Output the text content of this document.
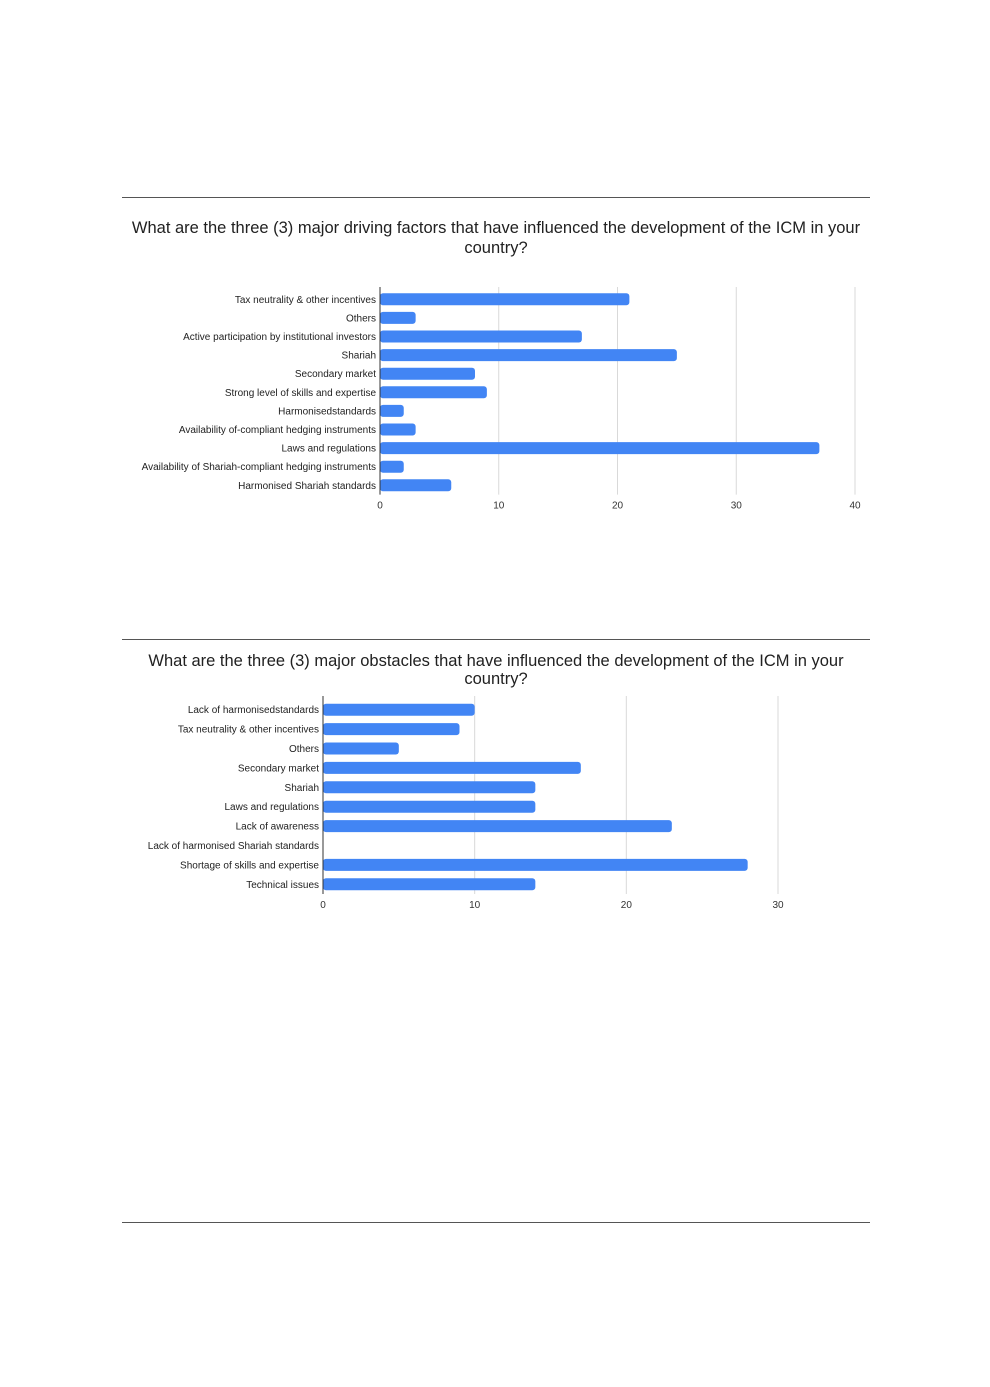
What are the three (3) major driving factors that have influenced the development of the ICM in your country?
0	10	20	30	40
Tax neutrality & other incentives
Others
Active participation by institutional investors
Shariah
Secondary market
Strong level of skills and expertise
Harmonisedstandards
Availability of-compliant hedging instruments
Laws and regulations
Availability of Shariah-compliant hedging instruments
Harmonised Shariah standards
What are the three (3) major obstacles that have influenced the development of the ICM in your country?
0	10	20	30
Lack of harmonisedstandards
Tax neutrality & other incentives
Others
Secondary market
Shariah
Laws and regulations
Lack of awareness
Lack of harmonised Shariah standards
Shortage of skills and expertise
Technical issues
